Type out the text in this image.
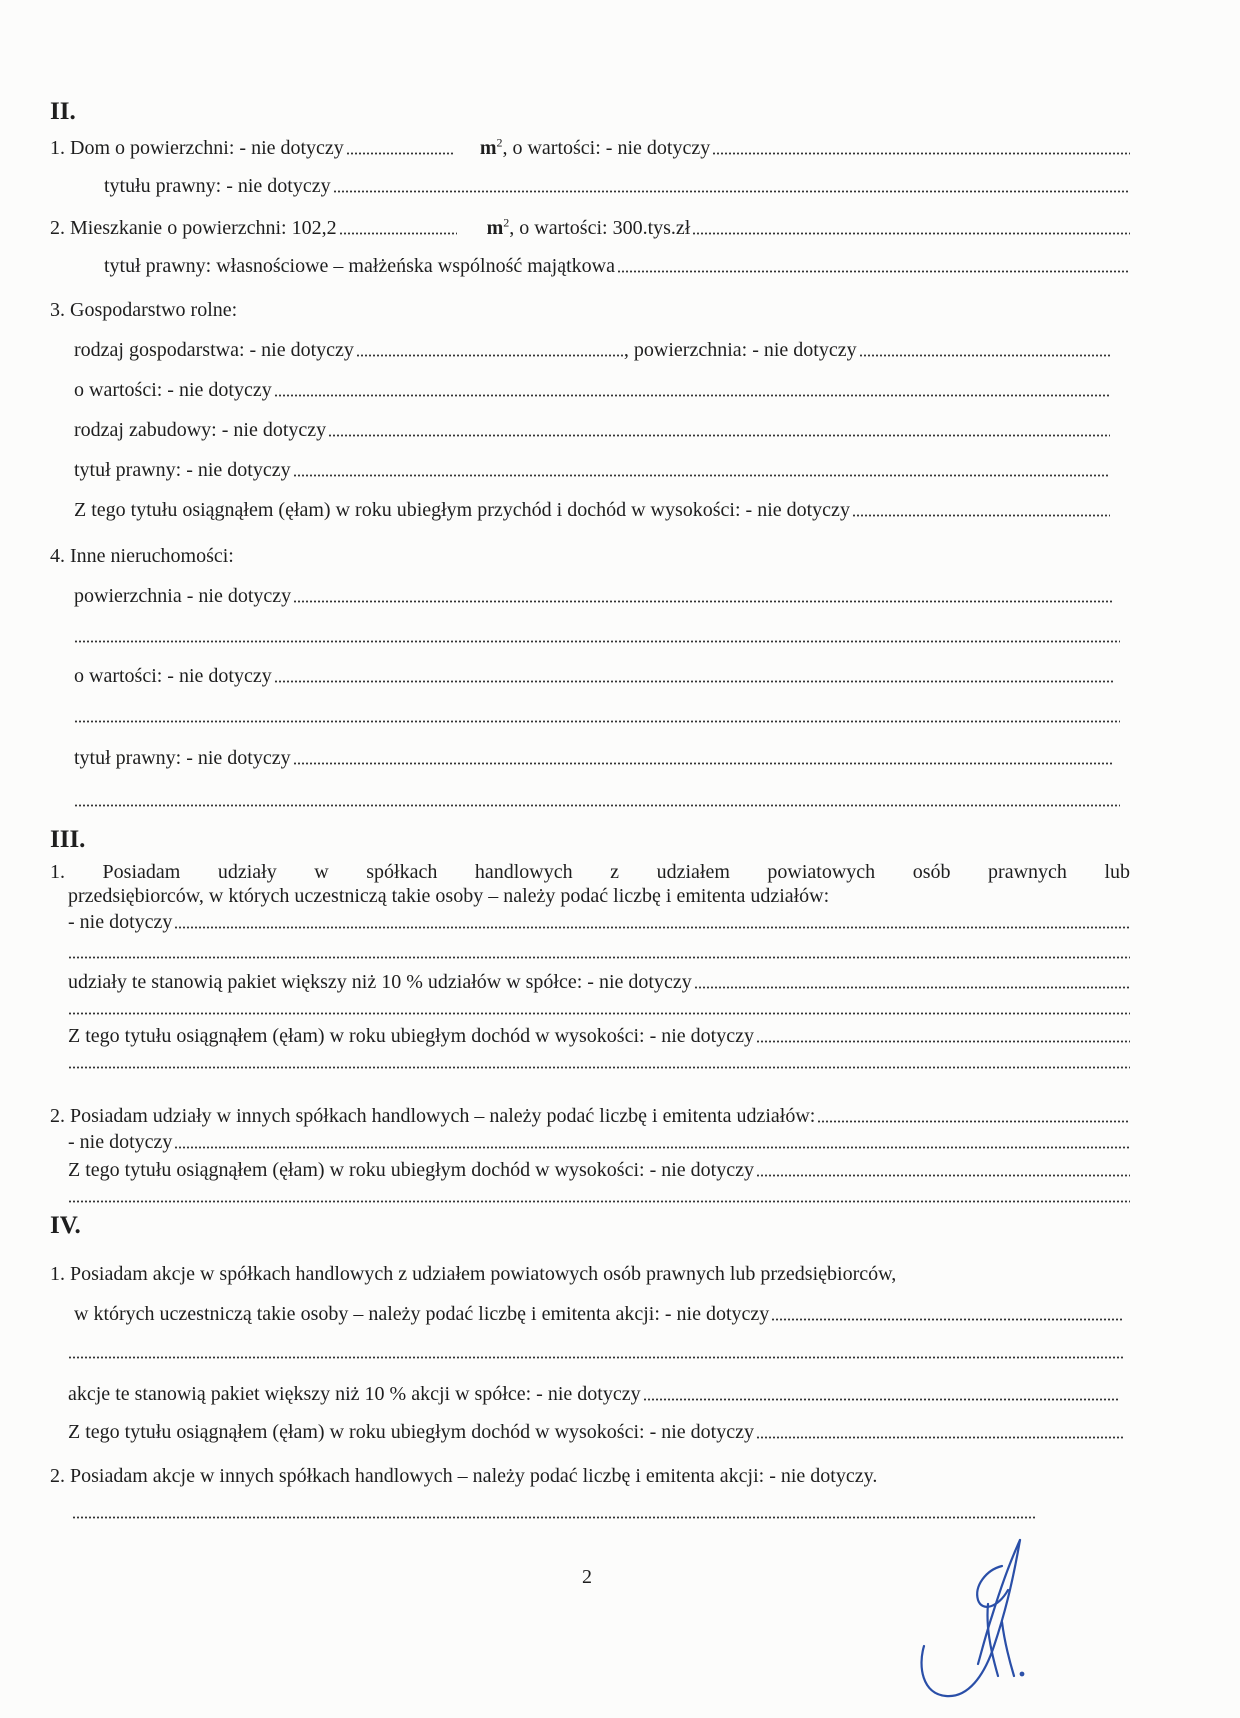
II.
1. Dom o powierzchni: - nie dotyczy	$m^2$, o wartości: - nie dotyczy
tytułu prawny: - nie dotyczy
2. Mieszkanie o powierzchni: 102,2	$m^2$, o wartości: 300.tys.zł
tytuł prawny: własnościowe – małżeńska wspólność majątkowa
3. Gospodarstwo rolne:
rodzaj gospodarstwa: - nie dotyczy	, powierzchnia: - nie dotyczy
o wartości: - nie dotyczy
rodzaj zabudowy: - nie dotyczy
tytuł prawny: - nie dotyczy
Z tego tytułu osiągnąłem (ęłam) w roku ubiegłym przychód i dochód w wysokości: - nie dotyczy
4. Inne nieruchomości:
powierzchnia - nie dotyczy
o wartości: - nie dotyczy
tytuł prawny: - nie dotyczy
III.
1. Posiadam udziały w spółkach handlowych z udziałem powiatowych osób prawnych lub
przedsiębiorców, w których uczestniczą takie osoby – należy podać liczbę i emitenta udziałów:
- nie dotyczy
udziały te stanowią pakiet większy niż 10 % udziałów w spółce: - nie dotyczy
Z tego tytułu osiągnąłem (ęłam) w roku ubiegłym dochód w wysokości: - nie dotyczy
2. Posiadam udziały w innych spółkach handlowych – należy podać liczbę i emitenta udziałów:
- nie dotyczy
Z tego tytułu osiągnąłem (ęłam) w roku ubiegłym dochód w wysokości: - nie dotyczy
IV.
1. Posiadam akcje w spółkach handlowych z udziałem powiatowych osób prawnych lub przedsiębiorców,
w których uczestniczą takie osoby – należy podać liczbę i emitenta akcji: - nie dotyczy
akcje te stanowią pakiet większy niż 10 % akcji w spółce: - nie dotyczy
Z tego tytułu osiągnąłem (ęłam) w roku ubiegłym dochód w wysokości: - nie dotyczy
2. Posiadam akcje w innych spółkach handlowych – należy podać liczbę i emitenta akcji: - nie dotyczy.
2
